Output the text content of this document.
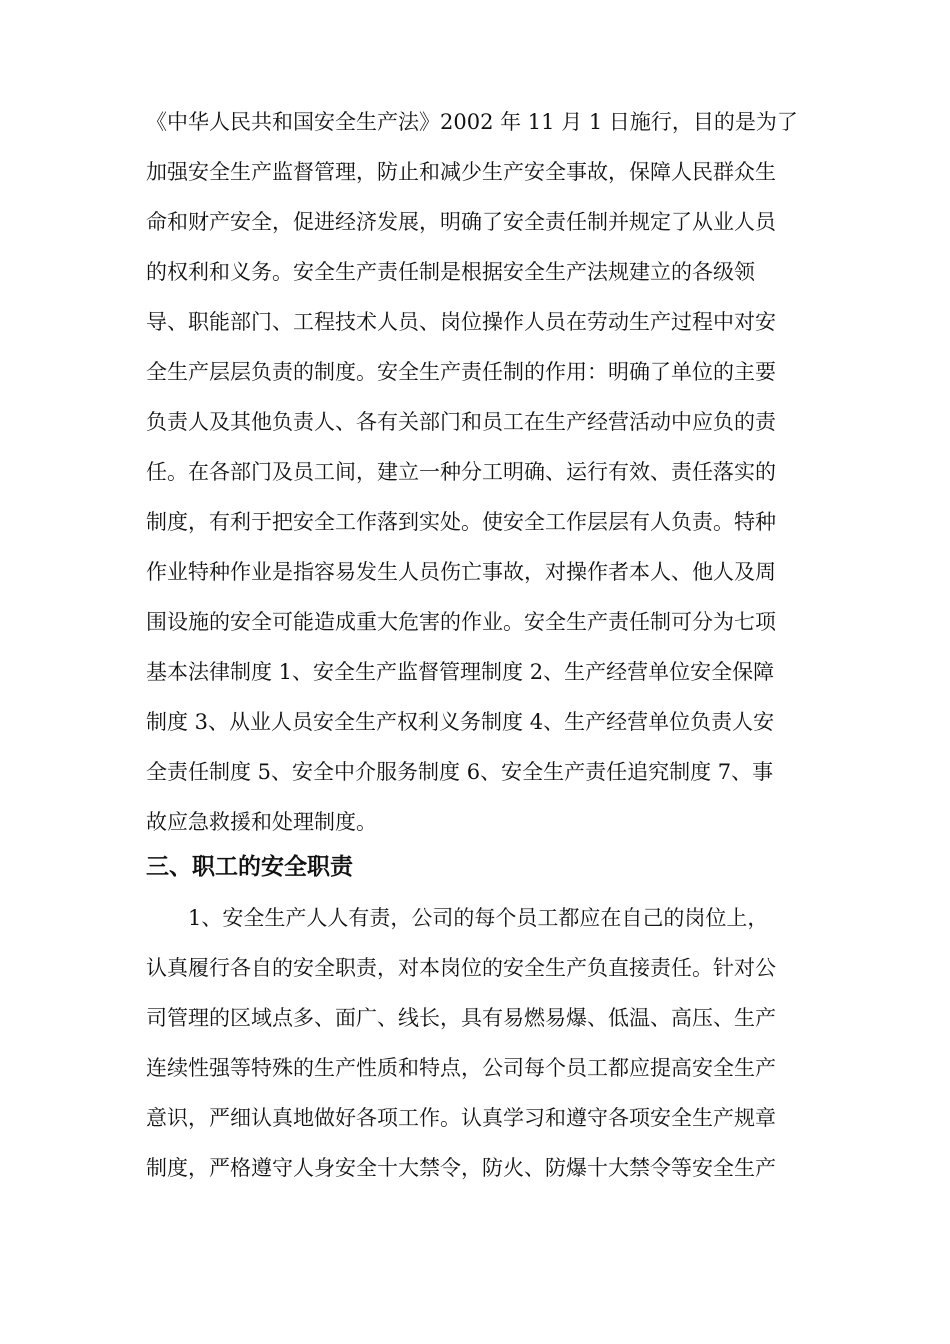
《中华人民共和国安全生产法》2002 年 11 月 1 日施行，目的是为了
加强安全生产监督管理，防止和减少生产安全事故，保障人民群众生
命和财产安全，促进经济发展，明确了安全责任制并规定了从业人员
的权利和义务。安全生产责任制是根据安全生产法规建立的各级领
导、职能部门、工程技术人员、岗位操作人员在劳动生产过程中对安
全生产层层负责的制度。安全生产责任制的作用：明确了单位的主要
负责人及其他负责人、各有关部门和员工在生产经营活动中应负的责
任。在各部门及员工间，建立一种分工明确、运行有效、责任落实的
制度，有利于把安全工作落到实处。使安全工作层层有人负责。特种
作业特种作业是指容易发生人员伤亡事故，对操作者本人、他人及周
围设施的安全可能造成重大危害的作业。安全生产责任制可分为七项
基本法律制度 1、安全生产监督管理制度 2、生产经营单位安全保障
制度 3、从业人员安全生产权利义务制度 4、生产经营单位负责人安
全责任制度 5、安全中介服务制度 6、安全生产责任追究制度 7、事
故应急救援和处理制度。
三、职工的安全职责
　　1、安全生产人人有责，公司的每个员工都应在自己的岗位上，
认真履行各自的安全职责，对本岗位的安全生产负直接责任。针对公
司管理的区域点多、面广、线长，具有易燃易爆、低温、高压、生产
连续性强等特殊的生产性质和特点，公司每个员工都应提高安全生产
意识，严细认真地做好各项工作。认真学习和遵守各项安全生产规章
制度，严格遵守人身安全十大禁令，防火、防爆十大禁令等安全生产
